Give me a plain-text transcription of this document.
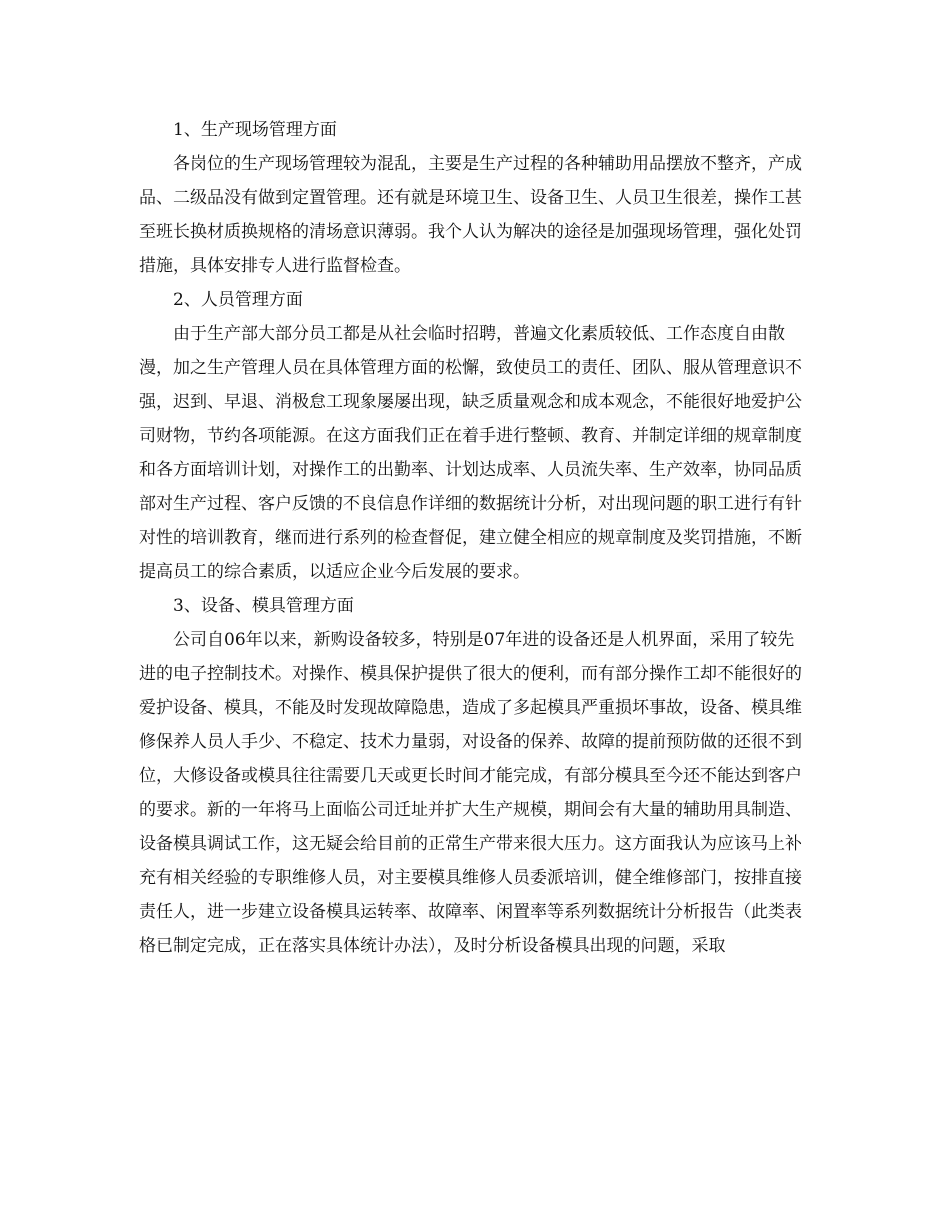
1、生产现场管理方面

各岗位的生产现场管理较为混乱，主要是生产过程的各种辅助用品摆放不整齐，产成品、二级品没有做到定置管理。还有就是环境卫生、设备卫生、人员卫生很差，操作工甚至班长换材质换规格的清场意识薄弱。我个人认为解决的途径是加强现场管理，强化处罚措施，具体安排专人进行监督检查。

2、人员管理方面

由于生产部大部分员工都是从社会临时招聘，普遍文化素质较低、工作态度自由散漫，加之生产管理人员在具体管理方面的松懈，致使员工的责任、团队、服从管理意识不强，迟到、早退、消极怠工现象屡屡出现，缺乏质量观念和成本观念，不能很好地爱护公司财物，节约各项能源。在这方面我们正在着手进行整顿、教育、并制定详细的规章制度和各方面培训计划，对操作工的出勤率、计划达成率、人员流失率、生产效率，协同品质部对生产过程、客户反馈的不良信息作详细的数据统计分析，对出现问题的职工进行有针对性的培训教育，继而进行系列的检查督促，建立健全相应的规章制度及奖罚措施，不断提高员工的综合素质，以适应企业今后发展的要求。

3、设备、模具管理方面

公司自06年以来，新购设备较多，特别是07年进的设备还是人机界面，采用了较先进的电子控制技术。对操作、模具保护提供了很大的便利，而有部分操作工却不能很好的爱护设备、模具，不能及时发现故障隐患，造成了多起模具严重损坏事故，设备、模具维修保养人员人手少、不稳定、技术力量弱，对设备的保养、故障的提前预防做的还很不到位，大修设备或模具往往需要几天或更长时间才能完成，有部分模具至今还不能达到客户的要求。新的一年将马上面临公司迁址并扩大生产规模，期间会有大量的辅助用具制造、设备模具调试工作，这无疑会给目前的正常生产带来很大压力。这方面我认为应该马上补充有相关经验的专职维修人员，对主要模具维修人员委派培训，健全维修部门，按排直接责任人，进一步建立设备模具运转率、故障率、闲置率等系列数据统计分析报告（此类表格已制定完成，正在落实具体统计办法），及时分析设备模具出现的问题，采取
